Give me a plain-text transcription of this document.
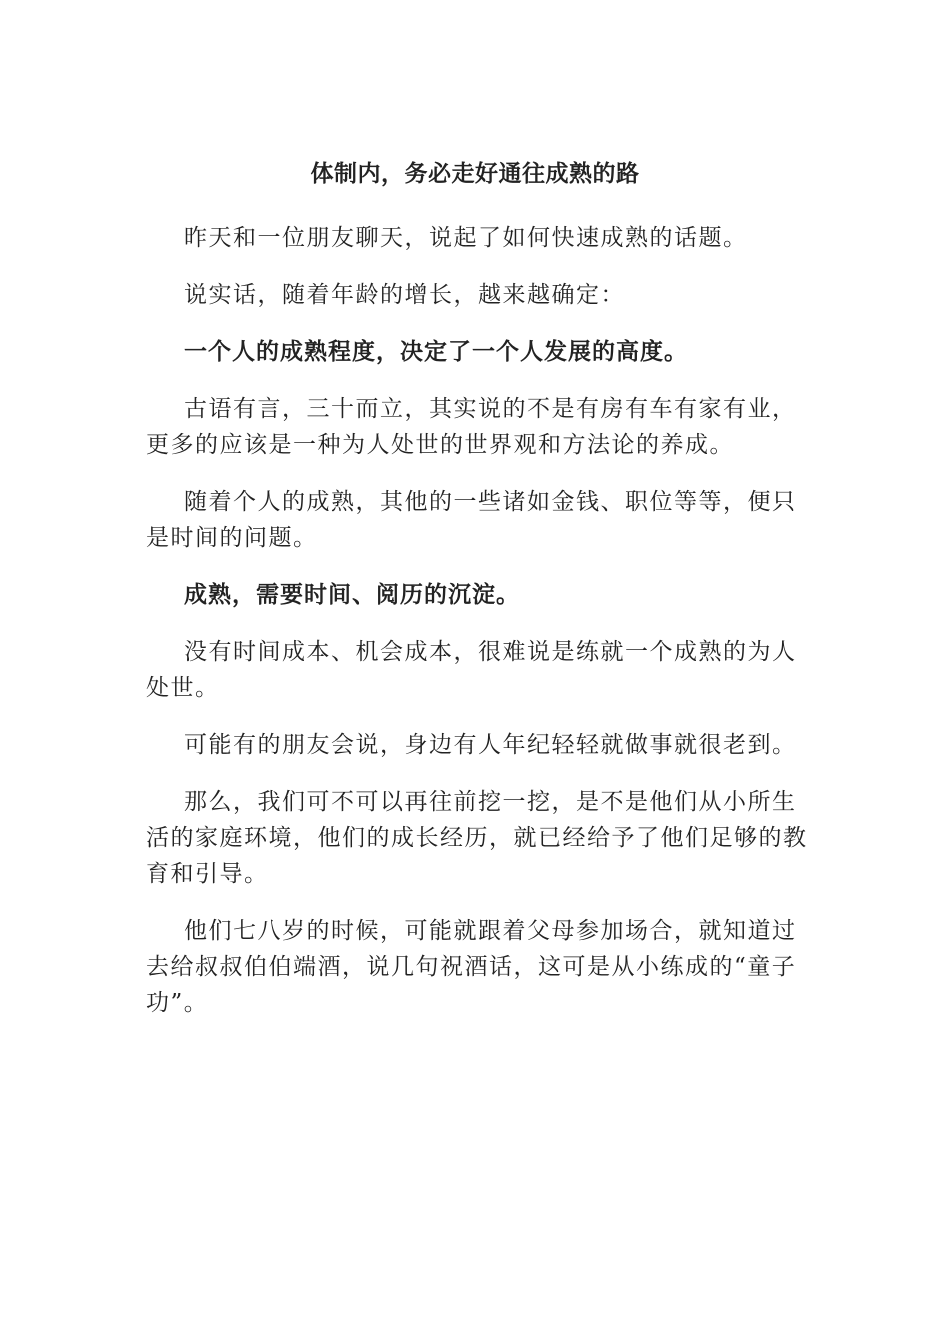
体制内，务必走好通往成熟的路

昨天和一位朋友聊天，说起了如何快速成熟的话题。

说实话，随着年龄的增长，越来越确定：

一个人的成熟程度，决定了一个人发展的高度。

古语有言，三十而立，其实说的不是有房有车有家有业，更多的应该是一种为人处世的世界观和方法论的养成。

随着个人的成熟，其他的一些诸如金钱、职位等等，便只是时间的问题。

成熟，需要时间、阅历的沉淀。

没有时间成本、机会成本，很难说是练就一个成熟的为人处世。

可能有的朋友会说，身边有人年纪轻轻就做事就很老到。

那么，我们可不可以再往前挖一挖，是不是他们从小所生活的家庭环境，他们的成长经历，就已经给予了他们足够的教育和引导。

他们七八岁的时候，可能就跟着父母参加场合，就知道过去给叔叔伯伯端酒，说几句祝酒话，这可是从小练成的“童子功”。
